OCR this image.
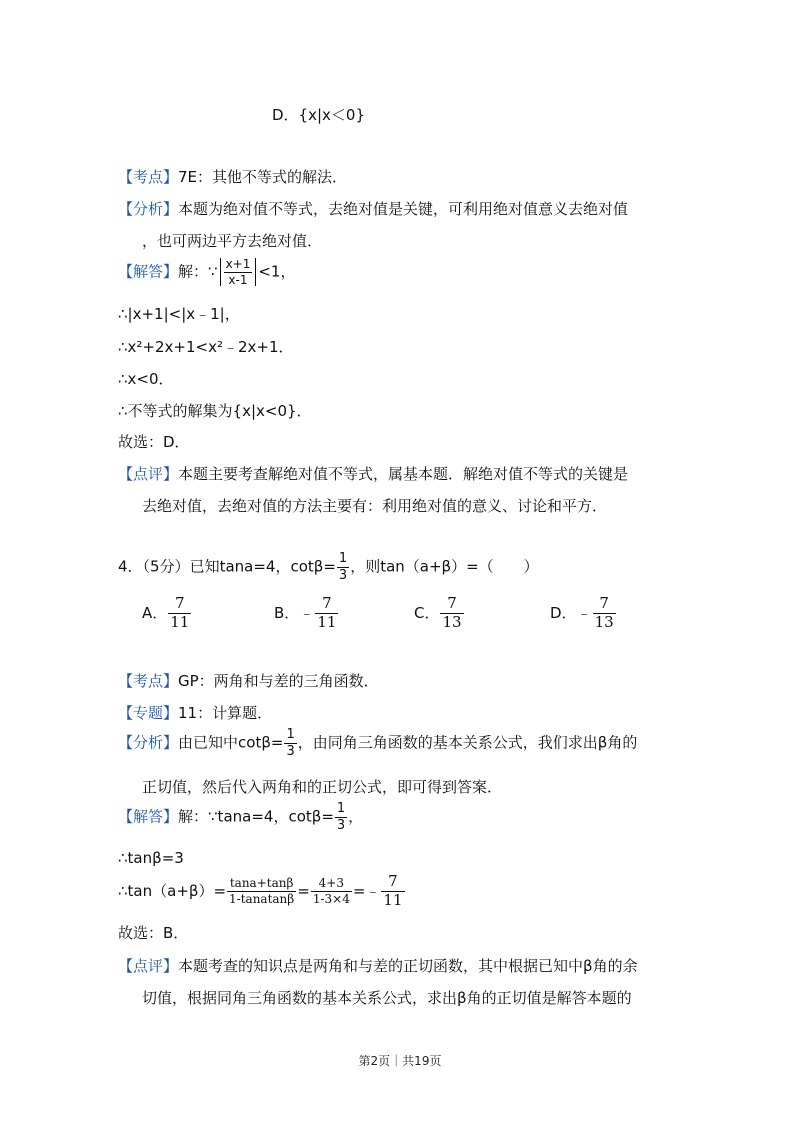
D．{x|x＜0}
【考点】7E：其他不等式的解法．
【分析】本题为绝对值不等式，去绝对值是关键，可利用绝对值意义去绝对值
，也可两边平方去绝对值．
【解答】解：∵ $\frac{x+1}{x-1} <1$，
∴|x+1|<|x﹣1|，
∴x²+2x+1<x²﹣2x+1．
∴x<0．
∴不等式的解集为{x|x<0}．
故选：D．
【点评】本题主要考查解绝对值不等式，属基本题．解绝对值不等式的关键是
去绝对值，去绝对值的方法主要有：利用绝对值的意义、讨论和平方．
4．（5分）已知tana=4，$\cot\beta= \frac{1}{3}$ ，则tan（a+β）=（　　）
A． $\frac{7}{11}$	B．﹣ $\frac{7}{11}$	C． $\frac{7}{13}$	D．﹣ $\frac{7}{13}$
【考点】GP：两角和与差的三角函数．
【专题】11：计算题．
【分析】由已知中$\cot\beta= \frac{1}{3}$ ，由同角三角函数的基本关系公式，我们求出β角的
正切值，然后代入两角和的正切公式，即可得到答案．
【解答】解：∵tana=4，$\cot\beta= \frac{1}{3}$ ，
∴tanβ=3
∴tan（a+β）= $\frac{\tan a+\tan\beta}{\text{1-tanatanβ}} = \frac{4+3}{1-3\times 4}$ =﹣ $\frac{7}{11}$
故选：B．
【点评】本题考查的知识点是两角和与差的正切函数，其中根据已知中β角的余
切值，根据同角三角函数的基本关系公式，求出β角的正切值是解答本题的
第2页｜共19页
